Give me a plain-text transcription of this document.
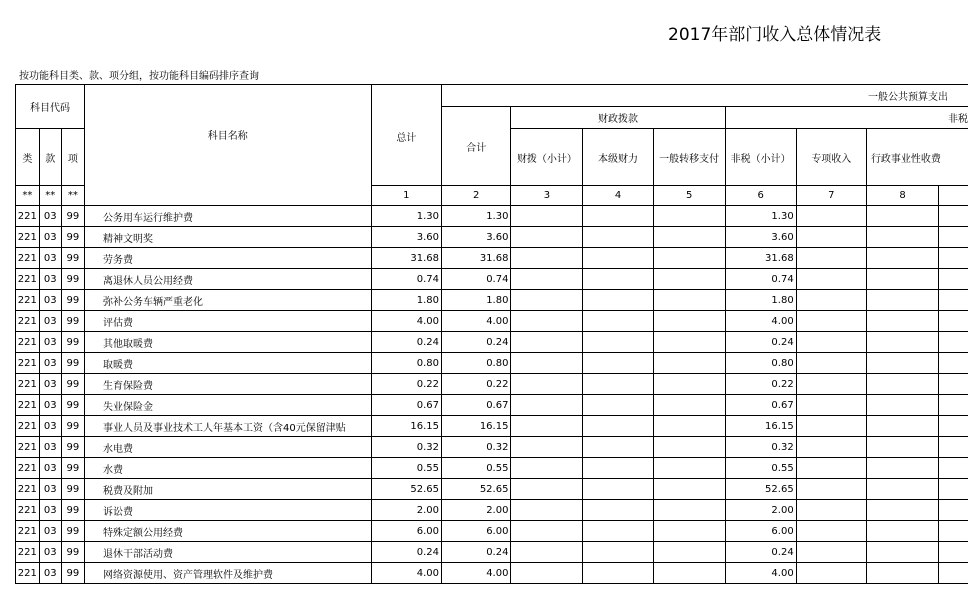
2017年部门收入总体情况表
按功能科目类、款、项分组，按功能科目编码排序查询
科目代码			科目名称	总计	一般公共预算支出							
					合计	财政拨款			非税			
类	款	项				财拨（小计）	本级财力	一般转移支付	非税（小计）	专项收入	行政事业性收费	
**	**	**		1	2	3	4	5	6	7	8	
221	03	99	公务用车运行维护费	1.30	1.30				1.30			
221	03	99	精神文明奖	3.60	3.60				3.60			
221	03	99	劳务费	31.68	31.68				31.68			
221	03	99	离退休人员公用经费	0.74	0.74				0.74			
221	03	99	弥补公务车辆严重老化	1.80	1.80				1.80			
221	03	99	评估费	4.00	4.00				4.00			
221	03	99	其他取暖费	0.24	0.24				0.24			
221	03	99	取暖费	0.80	0.80				0.80			
221	03	99	生育保险费	0.22	0.22				0.22			
221	03	99	失业保险金	0.67	0.67				0.67			
221	03	99	事业人员及事业技术工人年基本工资（含40元保留津贴	16.15	16.15				16.15			
221	03	99	水电费	0.32	0.32				0.32			
221	03	99	水费	0.55	0.55				0.55			
221	03	99	税费及附加	52.65	52.65				52.65			
221	03	99	诉讼费	2.00	2.00				2.00			
221	03	99	特殊定额公用经费	6.00	6.00				6.00			
221	03	99	退休干部活动费	0.24	0.24				0.24			
221	03	99	网络资源使用、资产管理软件及维护费	4.00	4.00				4.00			
